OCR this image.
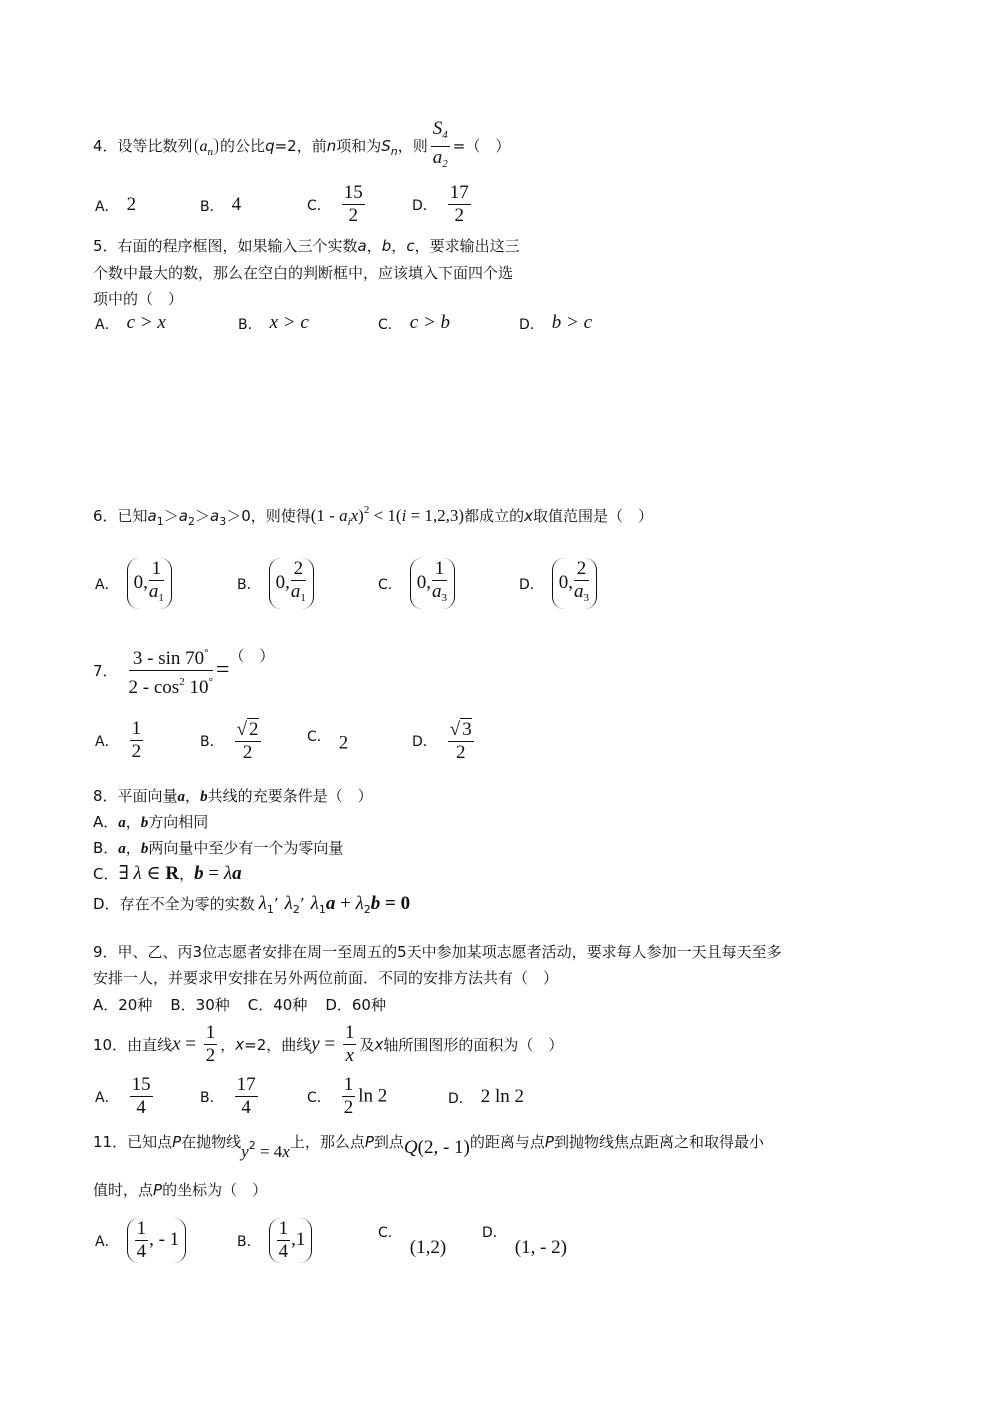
4．设等比数列 $a_n$ 的公比q=2，前n项和为$S_n$，则 $\frac{S_4}{a_2}$ =（　）
A． 2	B． 4	C． $\frac{15}{2}$	D． $\frac{17}{2}$
5．右面的程序框图，如果输入三个实数a，b，c，要求输出这三
个数中最大的数，那么在空白的判断框中，应该填入下面四个选
项中的（　）
A． c > x	B． x > c	C． c > b	D． b > c
6．已知$a_1>a_2>a_3>0$，则使得$(1 - a_ix)^2 < 1(i = 1,2,3)$都成立的x取值范围是（　）
A． 0, $\frac{1}{a_1}$	B． 0, $\frac{2}{a_1}$	C． 0, $\frac{1}{a_3}$	D． 0, $\frac{2}{a_3}$
7． $\frac{3 - \sin 70^\circ}{2 - \cos^2 10^\circ}$ =（　）
A． $\frac{1}{2}$	B． $\frac{√ 2}{2}$	C． 2	D． $\frac{√ 3}{2}$
8．平面向量a，b共线的充要条件是（　）
A．a，b方向相同
B．a，b两向量中至少有一个为零向量
C．∃ λ ∈ R，b = λa
D．存在不全为零的实数 $\lambda_1$’ $\lambda_2$’ $\lambda_1a + \lambda_2b = 0$
9．甲、乙、丙3位志愿者安排在周一至周五的5天中参加某项志愿者活动，要求每人参加一天且每天至多
安排一人，并要求甲安排在另外两位前面．不同的安排方法共有（　）
A．20种 B．30种 C．40种 D．60种
10．由直线$x = \frac{1}{2}$ ，x=2，曲线$y = \frac{1}{x}$ 及x轴所围图形的面积为（　）
A． $\frac{15}{4}$	B． $\frac{17}{4}$	C． $\frac{1}{2}$ ln 2	D． 2 ln 2
11．已知点P在抛物线y2 = 4x上，那么点P到点Q(2, - 1)的距离与点P到抛物线焦点距离之和取得最小
值时，点P的坐标为（　）
A． $\frac{1}{4}$ , - 1	B． $\frac{1}{4} ,1$	C．(1,2)
D．(1, - 2)
